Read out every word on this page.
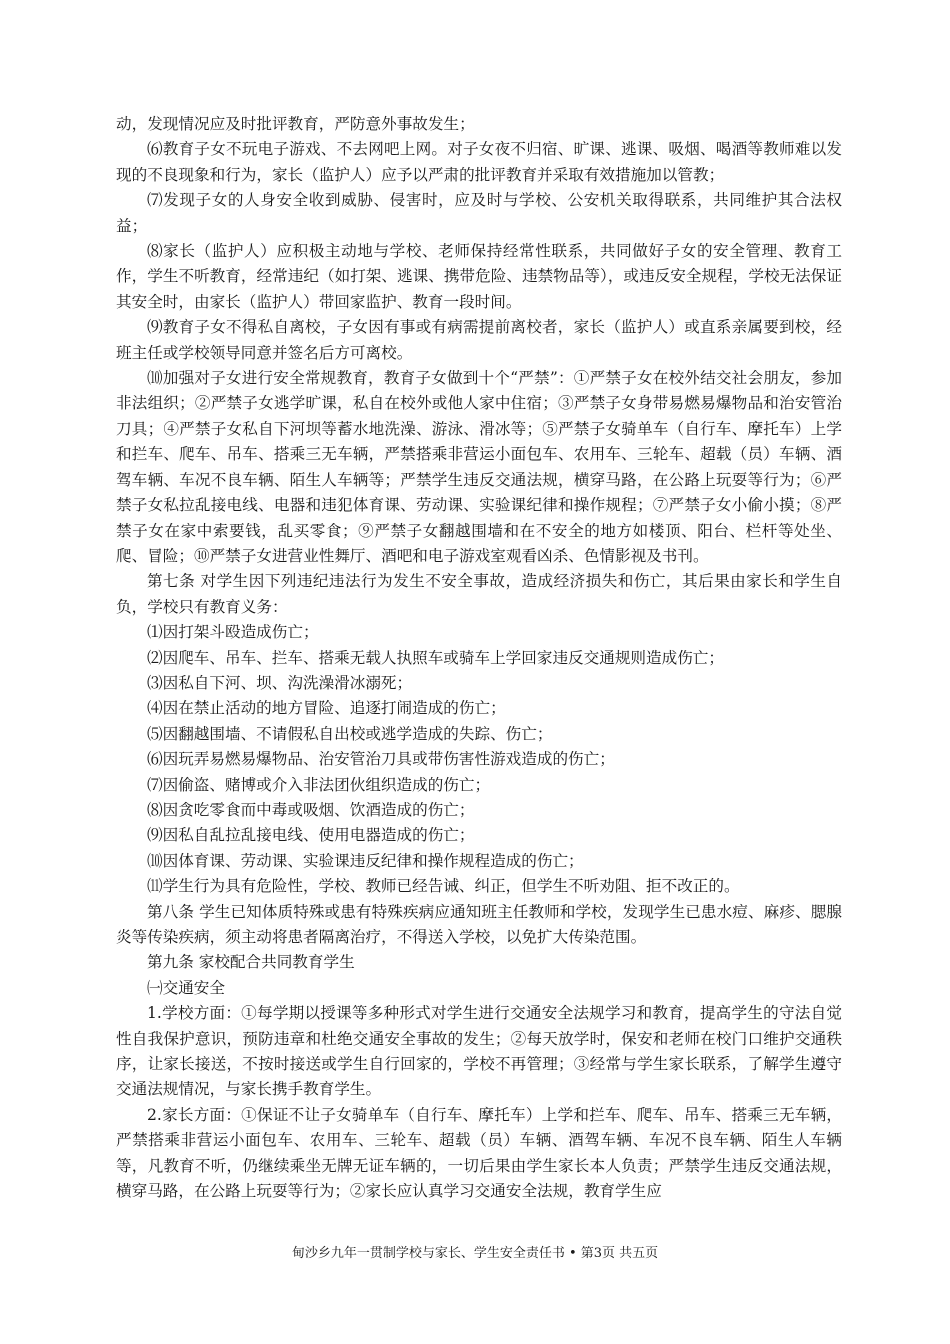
动，发现情况应及时批评教育，严防意外事故发生；

⑹教育子女不玩电子游戏、不去网吧上网。对子女夜不归宿、旷课、逃课、吸烟、喝酒等教师难以发现的不良现象和行为，家长（监护人）应予以严肃的批评教育并采取有效措施加以管教；

⑺发现子女的人身安全收到威胁、侵害时，应及时与学校、公安机关取得联系，共同维护其合法权益；

⑻家长（监护人）应积极主动地与学校、老师保持经常性联系，共同做好子女的安全管理、教育工作，学生不听教育，经常违纪（如打架、逃课、携带危险、违禁物品等），或违反安全规程，学校无法保证其安全时，由家长（监护人）带回家监护、教育一段时间。

⑼教育子女不得私自离校，子女因有事或有病需提前离校者，家长（监护人）或直系亲属要到校，经班主任或学校领导同意并签名后方可离校。

⑽加强对子女进行安全常规教育，教育子女做到十个“严禁”：①严禁子女在校外结交社会朋友，参加非法组织；②严禁子女逃学旷课，私自在校外或他人家中住宿；③严禁子女身带易燃易爆物品和治安管治刀具；④严禁子女私自下河坝等蓄水地洗澡、游泳、滑冰等；⑤严禁子女骑单车（自行车、摩托车）上学和拦车、爬车、吊车、搭乘三无车辆，严禁搭乘非营运小面包车、农用车、三轮车、超载（员）车辆、酒驾车辆、车况不良车辆、陌生人车辆等；严禁学生违反交通法规，横穿马路，在公路上玩耍等行为；⑥严禁子女私拉乱接电线、电器和违犯体育课、劳动课、实验课纪律和操作规程；⑦严禁子女小偷小摸；⑧严禁子女在家中索要钱，乱买零食；⑨严禁子女翻越围墙和在不安全的地方如楼顶、阳台、栏杆等处坐、爬、冒险；⑩严禁子女进营业性舞厅、酒吧和电子游戏室观看凶杀、色情影视及书刊。

第七条 对学生因下列违纪违法行为发生不安全事故，造成经济损失和伤亡，其后果由家长和学生自负，学校只有教育义务：

⑴因打架斗殴造成伤亡；

⑵因爬车、吊车、拦车、搭乘无载人执照车或骑车上学回家违反交通规则造成伤亡；

⑶因私自下河、坝、沟洗澡滑冰溺死；

⑷因在禁止活动的地方冒险、追逐打闹造成的伤亡；

⑸因翻越围墙、不请假私自出校或逃学造成的失踪、伤亡；

⑹因玩弄易燃易爆物品、治安管治刀具或带伤害性游戏造成的伤亡；

⑺因偷盗、赌博或介入非法团伙组织造成的伤亡；

⑻因贪吃零食而中毒或吸烟、饮酒造成的伤亡；

⑼因私自乱拉乱接电线、使用电器造成的伤亡；

⑽因体育课、劳动课、实验课违反纪律和操作规程造成的伤亡；

⑾学生行为具有危险性，学校、教师已经告诫、纠正，但学生不听劝阻、拒不改正的。

第八条 学生已知体质特殊或患有特殊疾病应通知班主任教师和学校，发现学生已患水痘、麻疹、腮腺炎等传染疾病，须主动将患者隔离治疗，不得送入学校，以免扩大传染范围。

第九条 家校配合共同教育学生

㈠交通安全

1.学校方面：①每学期以授课等多种形式对学生进行交通安全法规学习和教育，提高学生的守法自觉性自我保护意识，预防违章和杜绝交通安全事故的发生；②每天放学时，保安和老师在校门口维护交通秩序，让家长接送，不按时接送或学生自行回家的，学校不再管理；③经常与学生家长联系，了解学生遵守交通法规情况，与家长携手教育学生。

2.家长方面：①保证不让子女骑单车（自行车、摩托车）上学和拦车、爬车、吊车、搭乘三无车辆，严禁搭乘非营运小面包车、农用车、三轮车、超载（员）车辆、酒驾车辆、车况不良车辆、陌生人车辆等，凡教育不听，仍继续乘坐无牌无证车辆的，一切后果由学生家长本人负责；严禁学生违反交通法规，横穿马路，在公路上玩耍等行为；②家长应认真学习交通安全法规，教育学生应

甸沙乡九年一贯制学校与家长、学生安全责任书 • 第3页 共五页
